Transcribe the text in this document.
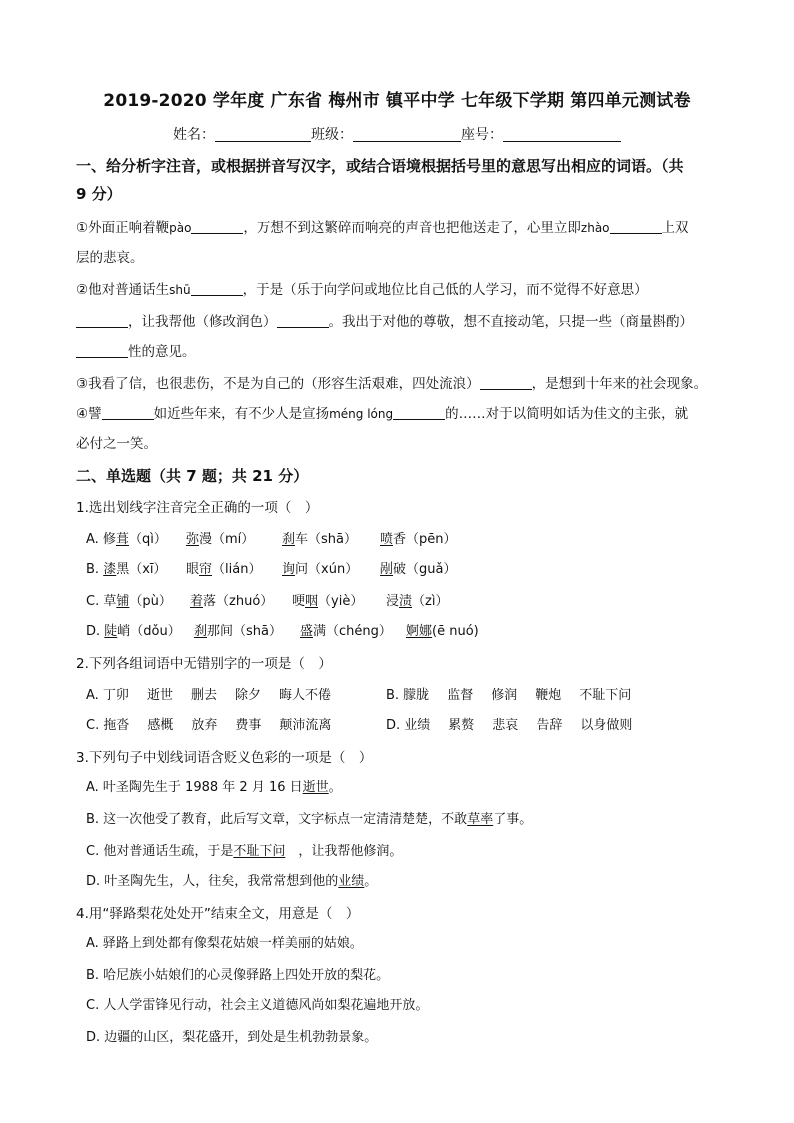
2019-2020 学年度 广东省 梅州市 镇平中学 七年级下学期 第四单元测试卷
姓名：	班级：	座号：
一、给分析字注音，或根据拼音写汉字，或结合语境根据括号里的意思写出相应的词语。（共
9 分）
①外面正响着鞭pào	，万想不到这繁碎而响亮的声音也把他送走了，心里立即zhào	上双
层的悲哀。
②他对普通话生shū	，于是（乐于向学问或地位比自己低的人学习，而不觉得不好意思）
，让我帮他（修改润色）	。我出于对他的尊敬，想不直接动笔，只提一些（商量斟酌）
性的意见。
③我看了信，也很悲伤，不是为自己的（形容生活艰难，四处流浪）	，是想到十年来的社会现象。
④譬	如近些年来，有不少人是宣扬méng lóng	的……对于以简明如话为佳文的主张，就
必付之一笑。
二、单选题（共 7 题；共 21 分）
1.选出划线字注音完全正确的一项（　）
A. 修葺（qì） 弥漫（mí） 刹车（shā） 喷香（pēn）
B. 漆黑（xī） 眼帘（lián） 询问（xún） 剐破（guǎ）
C. 草铺（pù） 着落（zhuó） 哽咽（yiè） 浸渍（zì）
D. 陡峭（dǒu） 刹那间（shā） 盛满（chéng） 婀娜(ē nuó)
2.下列各组词语中无错别字的一项是（　）
A. 丁卯 逝世 删去 除夕 晦人不倦	B. 朦胧 监督 修润 鞭炮 不耻下问
C. 拖沓 感概 放弃 费事 颠沛流离	D. 业绩 累赘 悲哀 告辞 以身做则
3.下列句子中划线词语含贬义色彩的一项是（　）
A. 叶圣陶先生于 1988 年 2 月 16 日逝世。
B. 这一次他受了教育，此后写文章，文字标点一定清清楚楚，不敢草率了事。
C. 他对普通话生疏，于是不耻下问　，让我帮他修润。
D. 叶圣陶先生，人，往矣，我常常想到他的业绩。
4.用“驿路梨花处处开”结束全文，用意是（　）
A. 驿路上到处都有像梨花姑娘一样美丽的姑娘。
B. 哈尼族小姑娘们的心灵像驿路上四处开放的梨花。
C. 人人学雷锋见行动，社会主义道德风尚如梨花遍地开放。
D. 边疆的山区，梨花盛开，到处是生机勃勃景象。
